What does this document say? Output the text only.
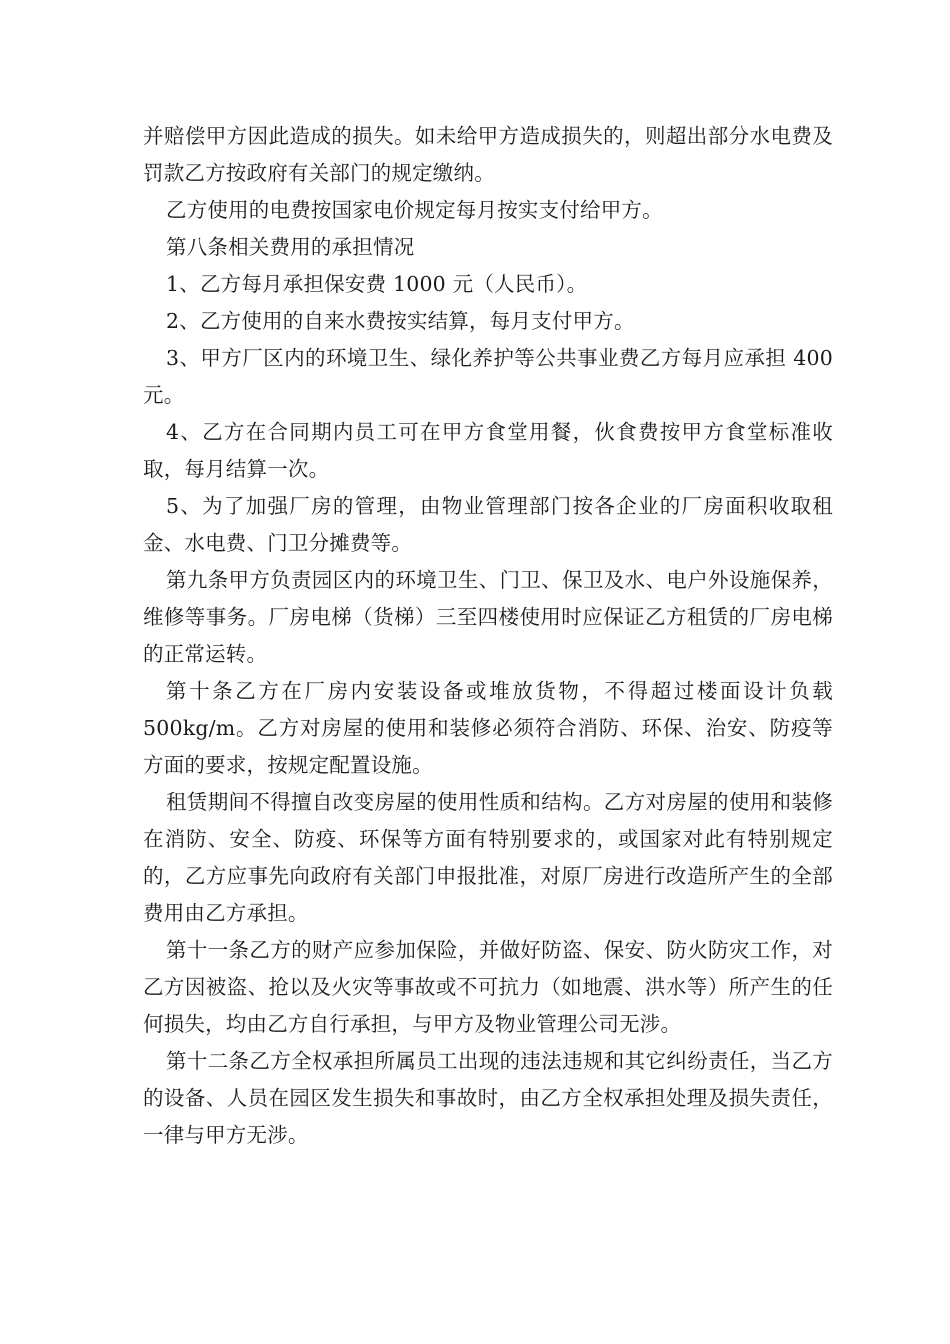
并赔偿甲方因此造成的损失。如未给甲方造成损失的，则超出部分水电费及罚款乙方按政府有关部门的规定缴纳。

乙方使用的电费按国家电价规定每月按实支付给甲方。

第八条相关费用的承担情况

1、乙方每月承担保安费 1000 元（人民币）。

2、乙方使用的自来水费按实结算，每月支付甲方。

3、甲方厂区内的环境卫生、绿化养护等公共事业费乙方每月应承担 400 元。

4、乙方在合同期内员工可在甲方食堂用餐，伙食费按甲方食堂标准收取，每月结算一次。

5、为了加强厂房的管理，由物业管理部门按各企业的厂房面积收取租金、水电费、门卫分摊费等。

第九条甲方负责园区内的环境卫生、门卫、保卫及水、电户外设施保养，维修等事务。厂房电梯（货梯）三至四楼使用时应保证乙方租赁的厂房电梯的正常运转。

第十条乙方在厂房内安装设备或堆放货物，不得超过楼面设计负载 500kg/m。乙方对房屋的使用和装修必须符合消防、环保、治安、防疫等方面的要求，按规定配置设施。

租赁期间不得擅自改变房屋的使用性质和结构。乙方对房屋的使用和装修在消防、安全、防疫、环保等方面有特别要求的，或国家对此有特别规定的，乙方应事先向政府有关部门申报批准，对原厂房进行改造所产生的全部费用由乙方承担。

第十一条乙方的财产应参加保险，并做好防盗、保安、防火防灾工作，对乙方因被盗、抢以及火灾等事故或不可抗力（如地震、洪水等）所产生的任何损失，均由乙方自行承担，与甲方及物业管理公司无涉。

第十二条乙方全权承担所属员工出现的违法违规和其它纠纷责任，当乙方的设备、人员在园区发生损失和事故时，由乙方全权承担处理及损失责任，一律与甲方无涉。
